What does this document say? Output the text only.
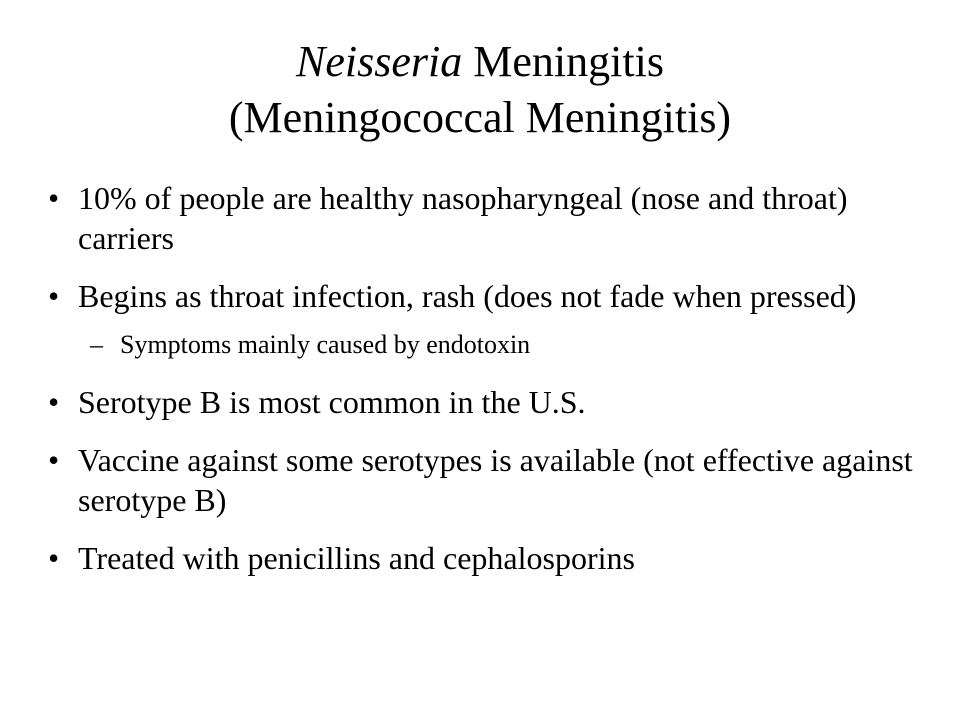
Neisseria Meningitis
(Meningococcal Meningitis)
• 10% of people are healthy nasopharyngeal (nose and throat) carriers
• Begins as throat infection, rash (does not fade when pressed)
– Symptoms mainly caused by endotoxin
• Serotype B is most common in the U.S.
• Vaccine against some serotypes is available (not effective against serotype B)
• Treated with penicillins and cephalosporins
